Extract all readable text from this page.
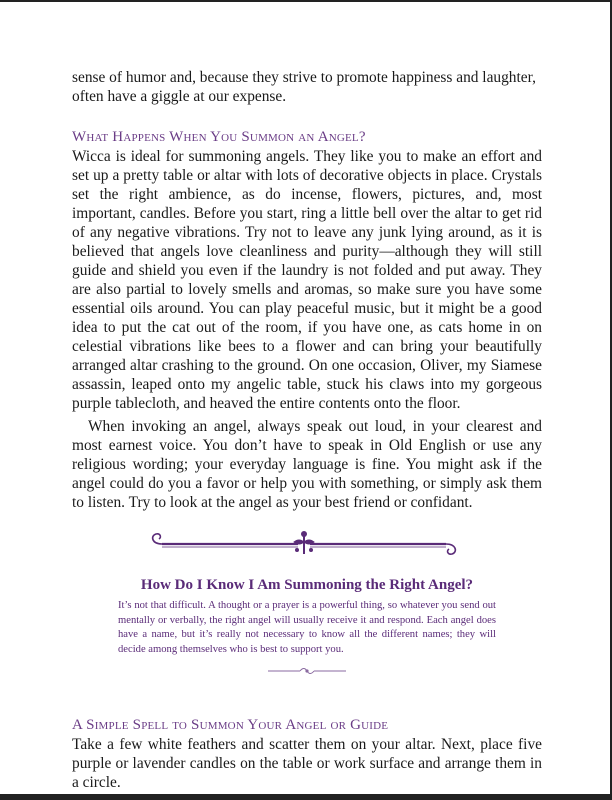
sense of humor and, because they strive to promote happiness and laughter, often have a giggle at our expense.

What Happens When You Summon an Angel?

Wicca is ideal for summoning angels. They like you to make an effort and set up a pretty table or altar with lots of decorative objects in place. Crystals set the right ambience, as do incense, flowers, pictures, and, most important, candles. Before you start, ring a little bell over the altar to get rid of any negative vibrations. Try not to leave any junk lying around, as it is believed that angels love cleanliness and purity—although they will still guide and shield you even if the laundry is not folded and put away. They are also partial to lovely smells and aromas, so make sure you have some essential oils around. You can play peaceful music, but it might be a good idea to put the cat out of the room, if you have one, as cats home in on celestial vibrations like bees to a flower and can bring your beautifully arranged altar crashing to the ground. On one occasion, Oliver, my Siamese assassin, leaped onto my angelic table, stuck his claws into my gorgeous purple tablecloth, and heaved the entire contents onto the floor.

When invoking an angel, always speak out loud, in your clearest and most earnest voice. You don’t have to speak in Old English or use any religious wording; your everyday language is fine. You might ask if the angel could do you a favor or help you with something, or simply ask them to listen. Try to look at the angel as your best friend or confidant.

How Do I Know I Am Summoning the Right Angel?

It’s not that difficult. A thought or a prayer is a powerful thing, so whatever you send out mentally or verbally, the right angel will usually receive it and respond. Each angel does have a name, but it’s really not necessary to know all the different names; they will decide among themselves who is best to support you.

A Simple Spell to Summon Your Angel or Guide

Take a few white feathers and scatter them on your altar. Next, place five purple or lavender candles on the table or work surface and arrange them in a circle.
